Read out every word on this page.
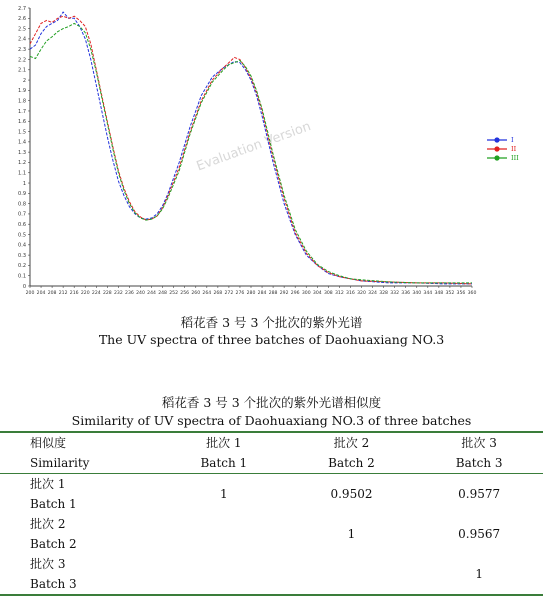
0
0.1
0.2
0.3
0.4
0.5
0.6
0.7
0.8
0.9
1
1.1
1.2
1.3
1.4
1.5
1.6
1.7
1.8
1.9
2
2.1
2.2
2.3
2.4
2.5
2.6
2.7
200 204 208 212 216 220 224 228 232 236 240 244 248 252 256 260 264 268 272 276 280 284 288 292 296 300 304 308 312 316 320 324 328 332 336 340 344 348 352 356 360
Evaluation Version	I
II
III
稻花香 3 号 3 个批次的紫外光谱
The UV spectra of three batches of Daohuaxiang NO.3
稻花香 3 号 3 个批次的紫外光谱相似度
Similarity of UV spectra of Daohuaxiang NO.3 of three batches
相似度	批次 1	批次 2	批次 3
Similarity	Batch 1	Batch 2	Batch 3
批次 1	1	0.9502	0.9577
Batch 1			
批次 2		1	0.9567
Batch 2			
批次 3			1
Batch 3			
